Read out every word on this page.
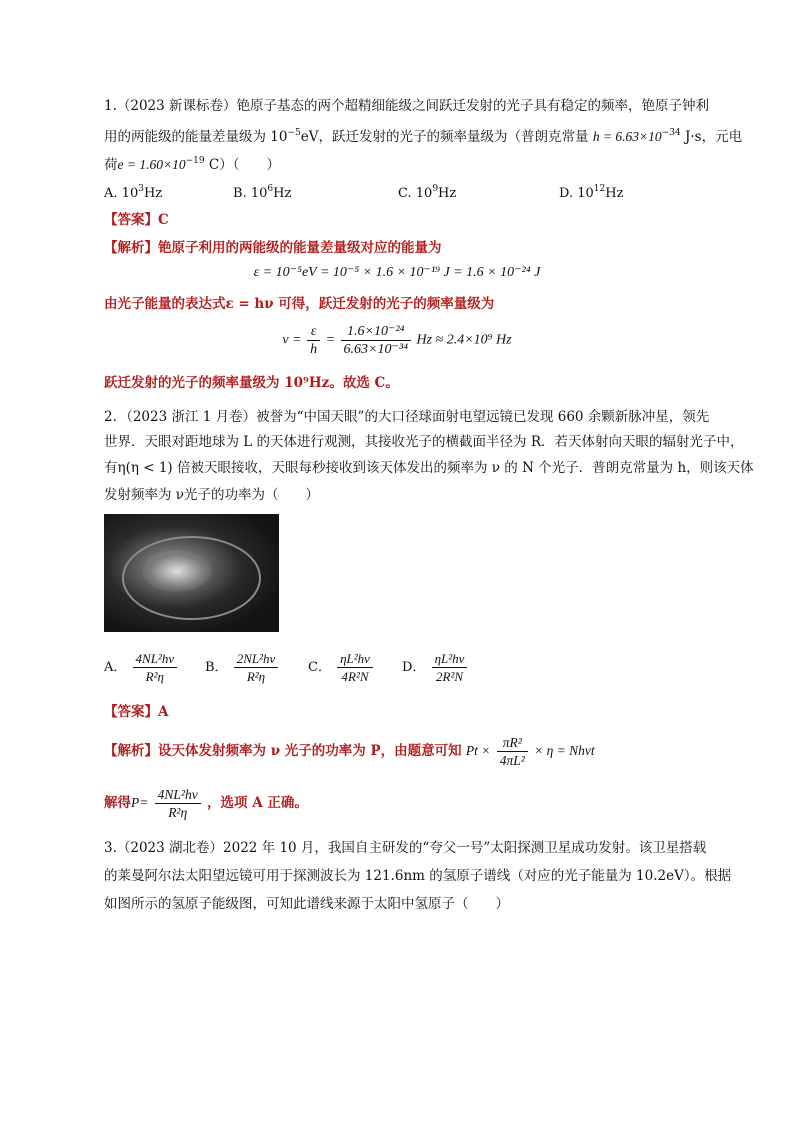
1.（2023 新课标卷）铯原子基态的两个超精细能级之间跃迁发射的光子具有稳定的频率，铯原子钟利
用的两能级的能量差量级为 $10^{-5}eV$，跃迁发射的光子的频率量级为（普朗克常量 $h = 6.63\times 10^{-34}$ J·s，元电
荷$e = 1.60\times 10^{-19}$ C）（　　）
A. $10^3Hz$	B. $10^6Hz$	C. $10^9Hz$	D. $10^{12}Hz$
【答案】C
【解析】铯原子利用的两能级的能量差量级对应的能量为
ε = 10⁻⁵eV = 10⁻⁵ × 1.6 × 10⁻¹⁹ J = 1.6 × 10⁻²⁴ J
由光子能量的表达式ε = hν 可得，跃迁发射的光子的频率量级为
$\nu = \frac{\varepsilon}{h} = \frac{\text{1.6×10⁻²⁴}}{\text{6.63×10⁻³⁴}}$ Hz ≈ 2.4×10⁹ Hz
跃迁发射的光子的频率量级为 10⁹Hz。故选 C。
2．（2023 浙江 1 月卷）被誉为“中国天眼”的大口径球面射电望远镜已发现 660 余颗新脉冲星，领先
世界．天眼对距地球为 L 的天体进行观测，其接收光子的横截面半径为 R．若天体射向天眼的辐射光子中，
有η(η < 1) 倍被天眼接收，天眼每秒接收到该天体发出的频率为 ν 的 N 个光子．普朗克常量为 h，则该天体
发射频率为 ν光子的功率为（　　）
A． $\frac{\text{4NL²hν}}{\text{R²η}}$ B． $\frac{\text{2NL²hν}}{\text{R²η}}$ C． $\frac{\text{ηL²hν}}{\text{4R²N}}$ D． $\frac{\text{ηL²hν}}{\text{2R²N}}$
【答案】A
【解析】设天体发射频率为 ν 光子的功率为 P，由题意可知 $Pt \times \frac{\text{πR²}}{\text{4πL²}} \times \eta = Nh\nu t$
解得$P= \frac{\text{4NL²hν}}{\text{R²η}}$ ，选项 A 正确。
3.（2023 湖北卷）2022 年 10 月，我国自主研发的“夸父一号”太阳探测卫星成功发射。该卫星搭载
的莱曼阿尔法太阳望远镜可用于探测波长为 121.6nm 的氢原子谱线（对应的光子能量为 10.2eV）。根据
如图所示的氢原子能级图，可知此谱线来源于太阳中氢原子（　　）
